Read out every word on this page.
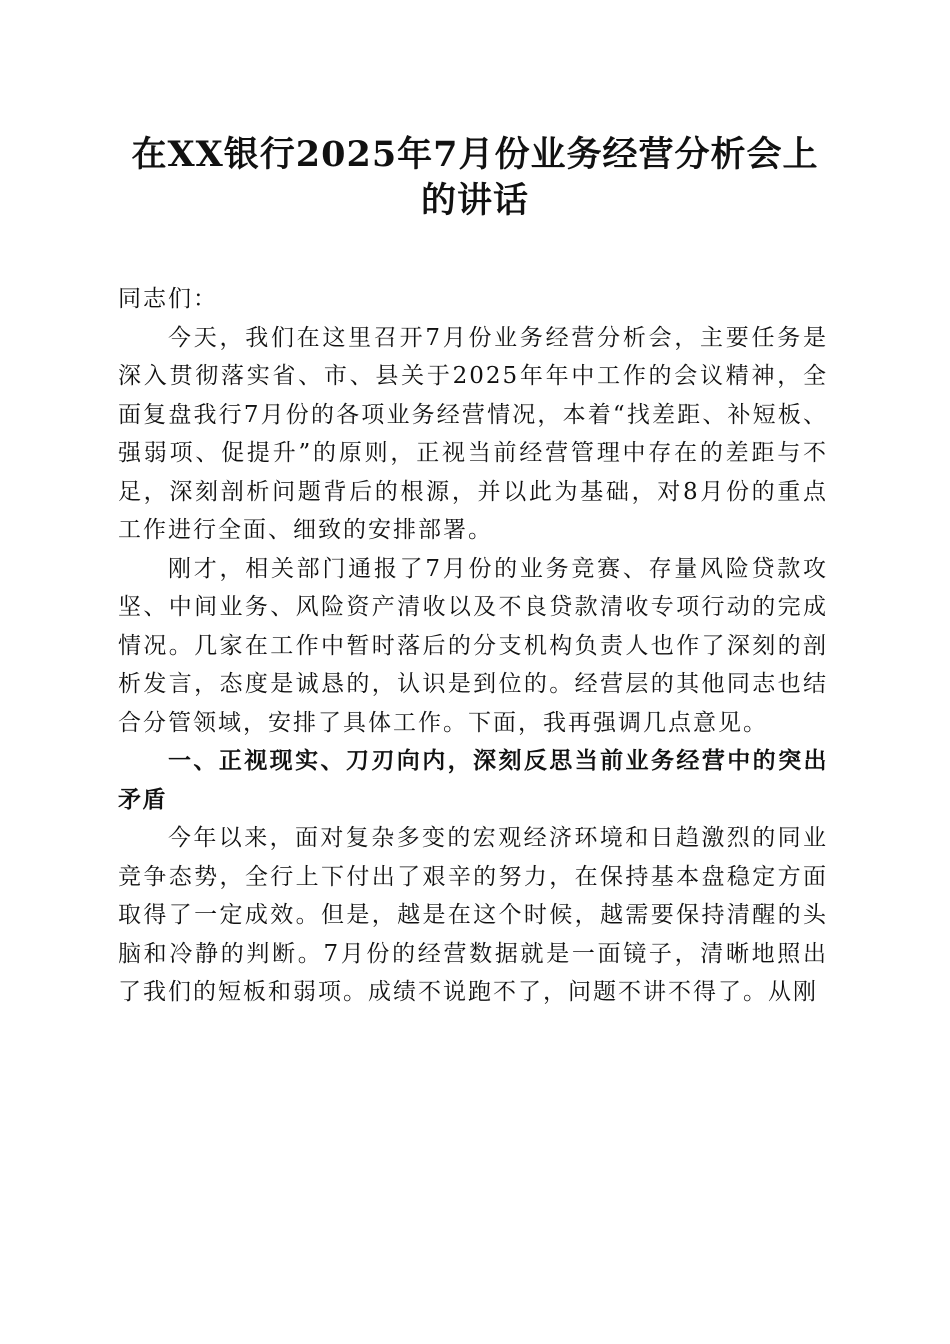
在XX银行2025年7月份业务经营分析会上
的讲话

同志们：

今天，我们在这里召开7月份业务经营分析会，主要任务是深入贯彻落实省、市、县关于2025年年中工作的会议精神，全面复盘我行7月份的各项业务经营情况，本着“找差距、补短板、强弱项、促提升”的原则，正视当前经营管理中存在的差距与不足，深刻剖析问题背后的根源，并以此为基础，对8月份的重点工作进行全面、细致的安排部署。

刚才，相关部门通报了7月份的业务竞赛、存量风险贷款攻坚、中间业务、风险资产清收以及不良贷款清收专项行动的完成情况。几家在工作中暂时落后的分支机构负责人也作了深刻的剖析发言，态度是诚恳的，认识是到位的。经营层的其他同志也结合分管领域，安排了具体工作。下面，我再强调几点意见。

一、正视现实、刀刃向内，深刻反思当前业务经营中的突出矛盾

今年以来，面对复杂多变的宏观经济环境和日趋激烈的同业竞争态势，全行上下付出了艰辛的努力，在保持基本盘稳定方面取得了一定成效。但是，越是在这个时候，越需要保持清醒的头脑和冷静的判断。7月份的经营数据就是一面镜子，清晰地照出了我们的短板和弱项。成绩不说跑不了，问题不讲不得了。从刚
